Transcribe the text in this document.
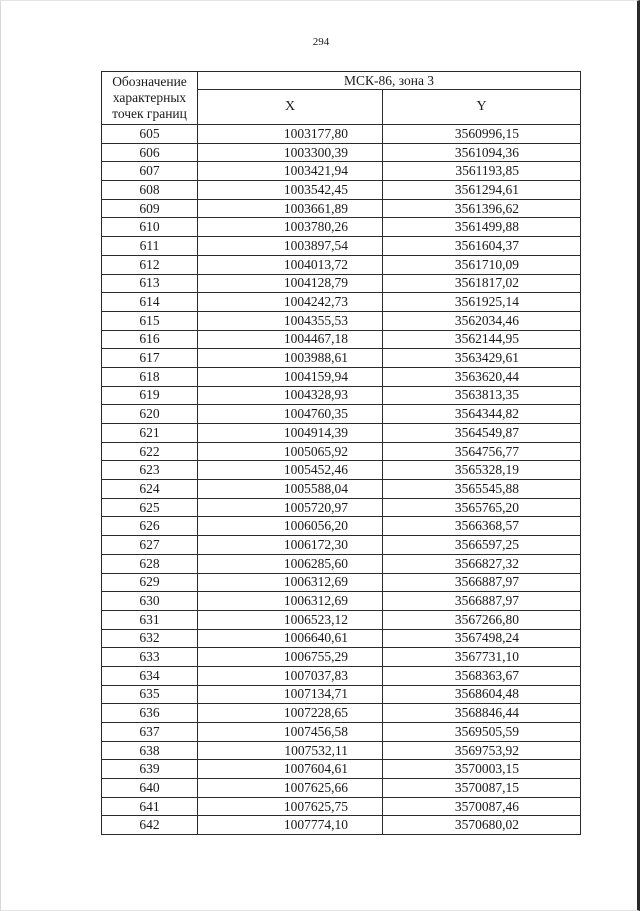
294
Обозначение характерных точек границ	МСК-86, зона 3	
	X	Y
605	1003177,80	3560996,15
606	1003300,39	3561094,36
607	1003421,94	3561193,85
608	1003542,45	3561294,61
609	1003661,89	3561396,62
610	1003780,26	3561499,88
611	1003897,54	3561604,37
612	1004013,72	3561710,09
613	1004128,79	3561817,02
614	1004242,73	3561925,14
615	1004355,53	3562034,46
616	1004467,18	3562144,95
617	1003988,61	3563429,61
618	1004159,94	3563620,44
619	1004328,93	3563813,35
620	1004760,35	3564344,82
621	1004914,39	3564549,87
622	1005065,92	3564756,77
623	1005452,46	3565328,19
624	1005588,04	3565545,88
625	1005720,97	3565765,20
626	1006056,20	3566368,57
627	1006172,30	3566597,25
628	1006285,60	3566827,32
629	1006312,69	3566887,97
630	1006312,69	3566887,97
631	1006523,12	3567266,80
632	1006640,61	3567498,24
633	1006755,29	3567731,10
634	1007037,83	3568363,67
635	1007134,71	3568604,48
636	1007228,65	3568846,44
637	1007456,58	3569505,59
638	1007532,11	3569753,92
639	1007604,61	3570003,15
640	1007625,66	3570087,15
641	1007625,75	3570087,46
642	1007774,10	3570680,02
